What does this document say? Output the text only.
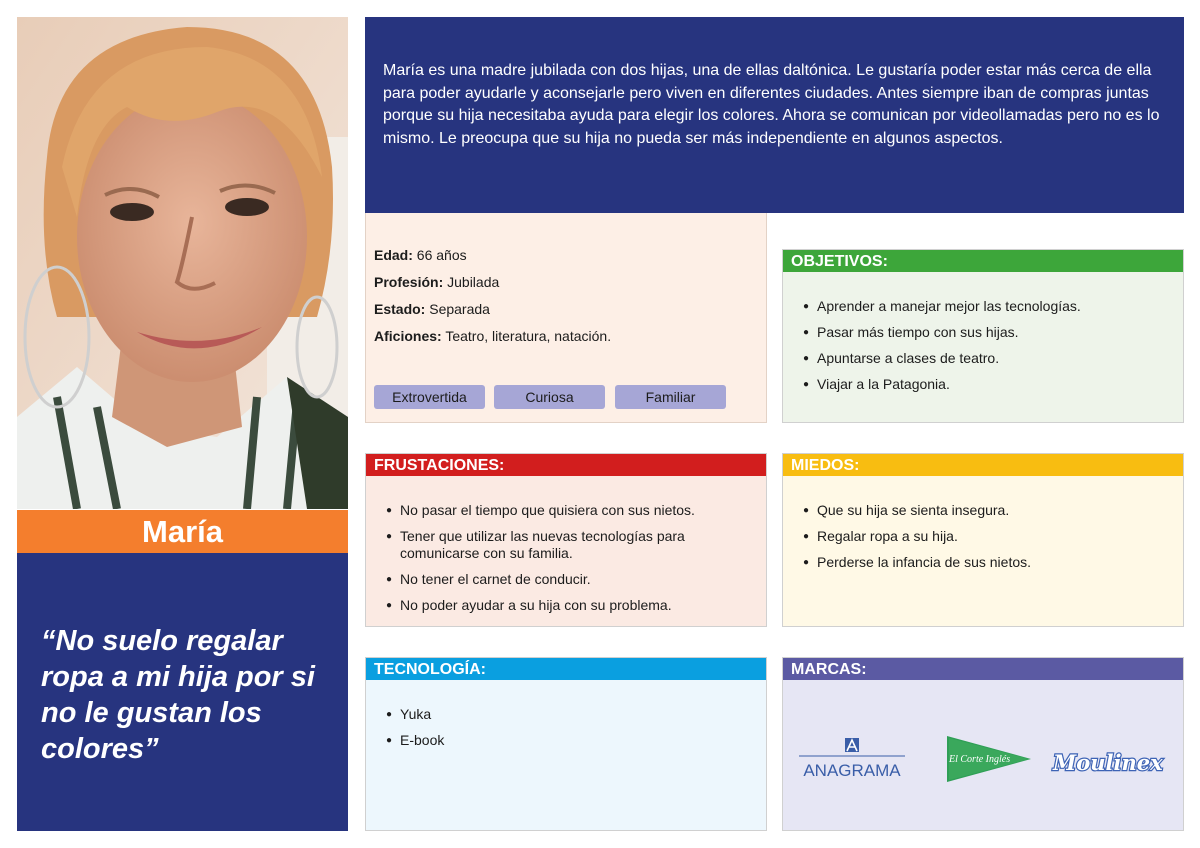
María
“No suelo regalar ropa a mi hija por si no le gustan los colores”
María es una madre jubilada con dos hijas, una de ellas daltónica. Le gustaría poder estar más cerca de ella para poder ayudarle y aconsejarle pero viven en diferentes ciudades. Antes siempre iban de compras juntas porque su hija necesitaba ayuda para elegir los colores. Ahora se comunican por videollamadas pero no es lo mismo. Le preocupa que su hija no pueda ser más independiente en algunos aspectos.
Edad: 66 años
Profesión: Jubilada
Estado: Separada
Aficiones: Teatro, literatura, natación.
Extrovertida	Curiosa	Familiar
OBJETIVOS:
● Aprender a manejar mejor las tecnologías.
● Pasar más tiempo con sus hijas.
● Apuntarse a clases de teatro.
● Viajar a la Patagonia.
FRUSTACIONES:
● No pasar el tiempo que quisiera con sus nietos.
● Tener que utilizar las nuevas tecnologías para comunicarse con su familia.
● No tener el carnet de conducir.
● No poder ayudar a su hija con su problema.
MIEDOS:
● Que su hija se sienta insegura.
● Regalar ropa a su hija.
● Perderse la infancia de sus nietos.
TECNOLOGÍA:
● Yuka
● E-book
MARCAS:
ANAGRAMA
El Corte Inglés Moulinex
